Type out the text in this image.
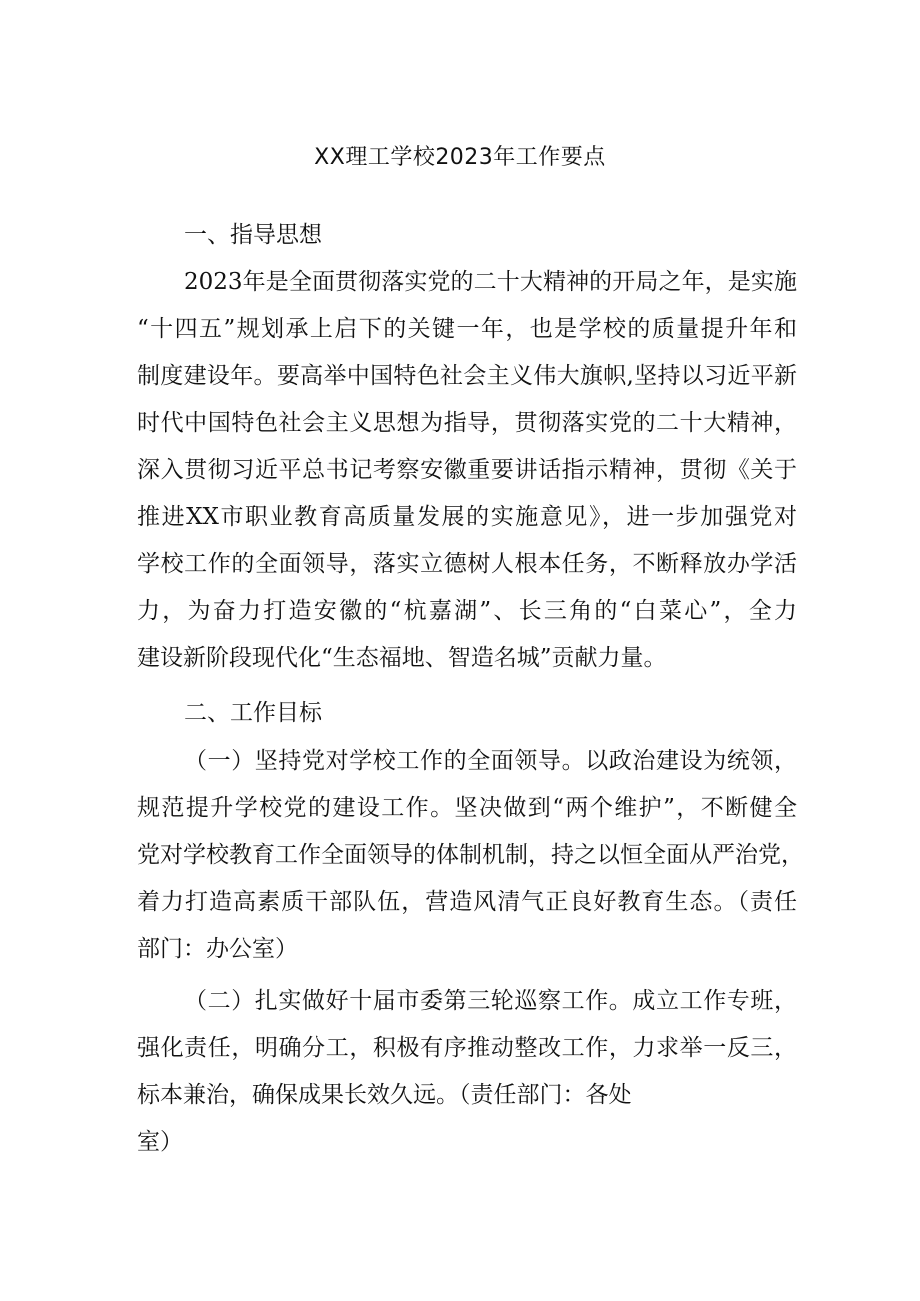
XX理工学校2023年工作要点
一、指导思想
2023年是全面贯彻落实党的二十大精神的开局之年，是实施
“十四五”规划承上启下的关键一年，也是学校的质量提升年和
制度建设年。要高举中国特色社会主义伟大旗帜,坚持以习近平新
时代中国特色社会主义思想为指导，贯彻落实党的二十大精神，
深入贯彻习近平总书记考察安徽重要讲话指示精神，贯彻《关于
推进XX市职业教育高质量发展的实施意见》，进一步加强党对
学校工作的全面领导，落实立德树人根本任务，不断释放办学活
力，为奋力打造安徽的“杭嘉湖”、长三角的“白菜心”，全力
建设新阶段现代化“生态福地、智造名城”贡献力量。
二、工作目标
（一）坚持党对学校工作的全面领导。以政治建设为统领，
规范提升学校党的建设工作。坚决做到“两个维护”，不断健全
党对学校教育工作全面领导的体制机制，持之以恒全面从严治党，
着力打造高素质干部队伍，营造风清气正良好教育生态。（责任
部门：办公室）
（二）扎实做好十届市委第三轮巡察工作。成立工作专班，
强化责任，明确分工，积极有序推动整改工作，力求举一反三，
标本兼治，确保成果长效久远。（责任部门：各处
室）
